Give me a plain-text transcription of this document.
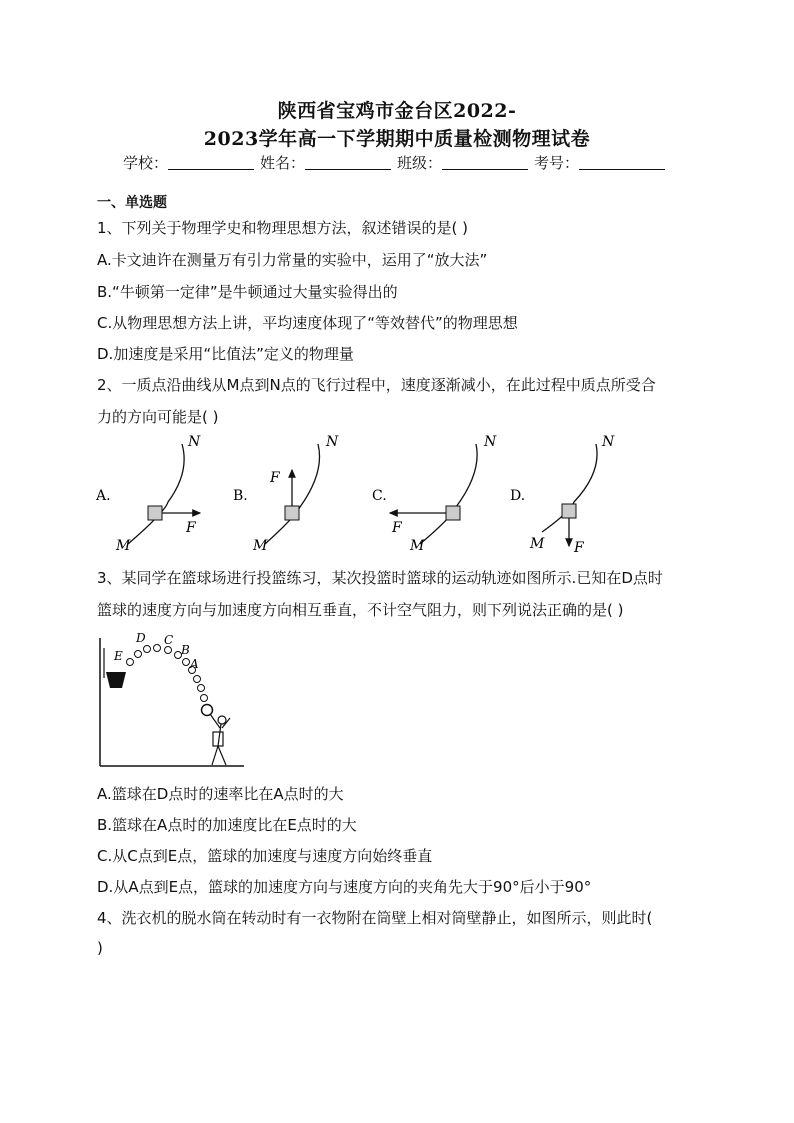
陕西省宝鸡市金台区2022-
2023学年高一下学期期中质量检测物理试卷
学校：	姓名：	班级：	考号：
一、单选题
1、下列关于物理学史和物理思想方法，叙述错误的是( )
A.卡文迪许在测量万有引力常量的实验中，运用了“放大法”
B.“牛顿第一定律”是牛顿通过大量实验得出的
C.从物理思想方法上讲，平均速度体现了“等效替代”的物理思想
D.加速度是采用“比值法”定义的物理量
2、一质点沿曲线从M点到N点的飞行过程中，速度逐渐减小，在此过程中质点所受合
力的方向可能是( )
A.
M
N
F
B.
M
N
F
C.
M
N
F
D.
M
N
F
3、某同学在篮球场进行投篮练习，某次投篮时篮球的运动轨迹如图所示.已知在D点时
篮球的速度方向与加速度方向相互垂直，不计空气阻力，则下列说法正确的是( )
E
D C
B
A
A.篮球在D点时的速率比在A点时的大
B.篮球在A点时的加速度比在E点时的大
C.从C点到E点，篮球的加速度与速度方向始终垂直
D.从A点到E点，篮球的加速度方向与速度方向的夹角先大于90°后小于90°
4、洗衣机的脱水筒在转动时有一衣物附在筒壁上相对筒壁静止，如图所示，则此时(
)
